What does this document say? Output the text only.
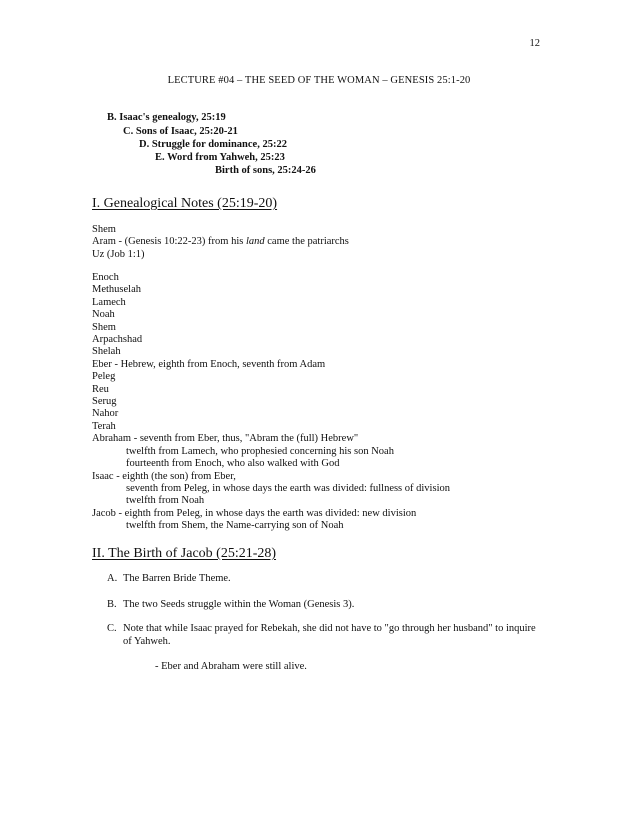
12
LECTURE #04 – THE SEED OF THE WOMAN – GENESIS 25:1-20
B. Isaac's genealogy, 25:19
C. Sons of Isaac, 25:20-21
D. Struggle for dominance, 25:22
E. Word from Yahweh, 25:23
Birth of sons, 25:24-26
I. Genealogical Notes (25:19-20)
Shem
Aram - (Genesis 10:22-23) from his land came the patriarchs
Uz (Job 1:1)
Enoch
Methuselah
Lamech
Noah
Shem
Arpachshad
Shelah
Eber - Hebrew, eighth from Enoch, seventh from Adam
Peleg
Reu
Serug
Nahor
Terah
Abraham - seventh from Eber, thus, "Abram the (full) Hebrew"
twelfth from Lamech, who prophesied concerning his son Noah
fourteenth from Enoch, who also walked with God
Isaac - eighth (the son) from Eber,
seventh from Peleg, in whose days the earth was divided: fullness of division
twelfth from Noah
Jacob - eighth from Peleg, in whose days the earth was divided: new division
twelfth from Shem, the Name-carrying son of Noah
II. The Birth of Jacob (25:21-28)
A. The Barren Bride Theme.
B. The two Seeds struggle within the Woman (Genesis 3).
C. Note that while Isaac prayed for Rebekah, she did not have to "go through her husband" to inquire
of Yahweh.
- Eber and Abraham were still alive.
